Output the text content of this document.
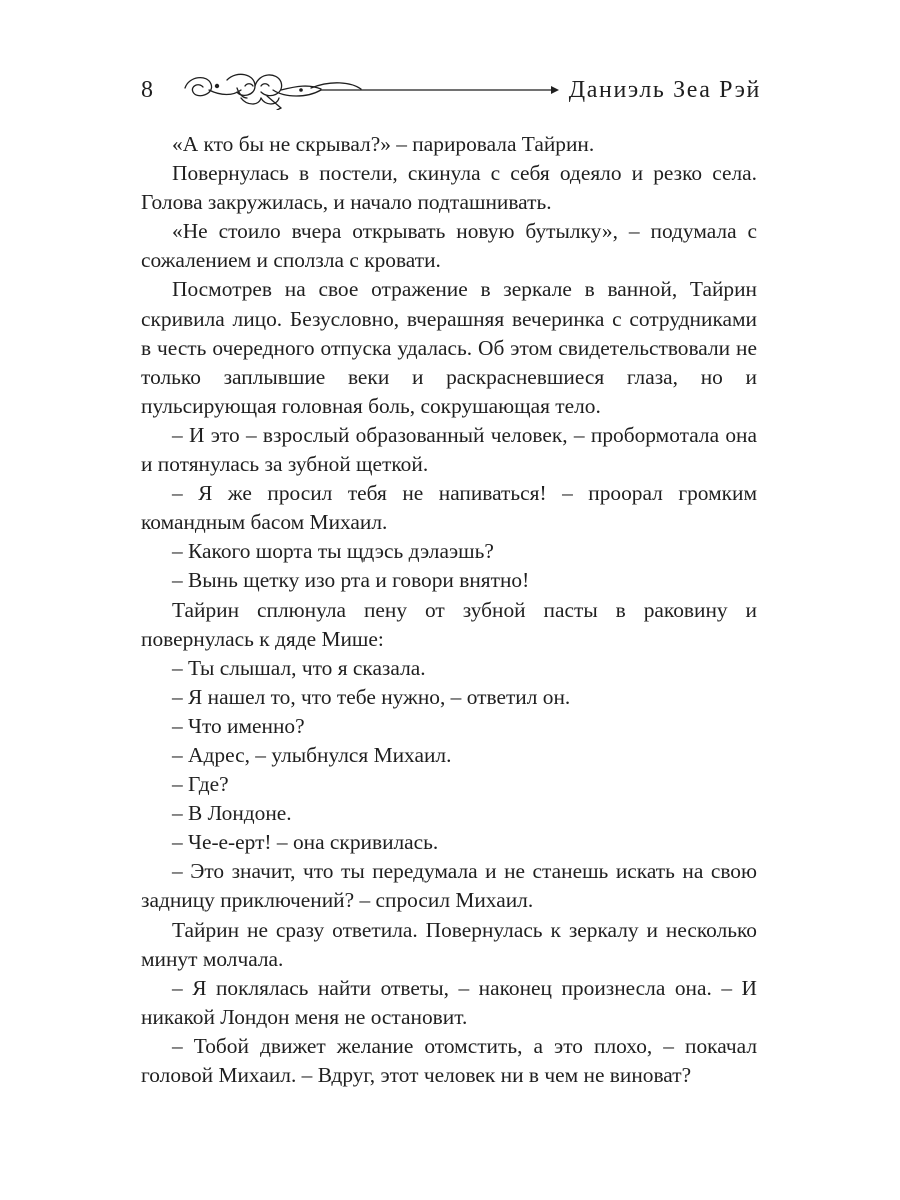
8	Даниэль Зеа Рэй

«А кто бы не скрывал?» – парировала Тайрин.

Повернулась в постели, скинула с себя одеяло и резко села. Голова закружилась, и начало подташнивать.

«Не стоило вчера открывать новую бутылку», – подумала с сожалением и сползла с кровати.

Посмотрев на свое отражение в зеркале в ванной, Тайрин скривила лицо. Безусловно, вчерашняя вечеринка с сотрудниками в честь очередного отпуска удалась. Об этом свидетельствовали не только заплывшие веки и раскрасневшиеся глаза, но и пульсирующая головная боль, сокрушающая тело.

– И это – взрослый образованный человек, – пробормотала она и потянулась за зубной щеткой.

– Я же просил тебя не напиваться! – проорал громким командным басом Михаил.

– Какого шорта ты щдэсь дэлаэшь?

– Вынь щетку изо рта и говори внятно!

Тайрин сплюнула пену от зубной пасты в раковину и повернулась к дяде Мише:

– Ты слышал, что я сказала.

– Я нашел то, что тебе нужно, – ответил он.

– Что именно?

– Адрес, – улыбнулся Михаил.

– Где?

– В Лондоне.

– Че-е-ерт! – она скривилась.

– Это значит, что ты передумала и не станешь искать на свою задницу приключений? – спросил Михаил.

Тайрин не сразу ответила. Повернулась к зеркалу и несколько минут молчала.

– Я поклялась найти ответы, – наконец произнесла она. – И никакой Лондон меня не остановит.

– Тобой движет желание отомстить, а это плохо, – покачал головой Михаил. – Вдруг, этот человек ни в чем не виноват?
